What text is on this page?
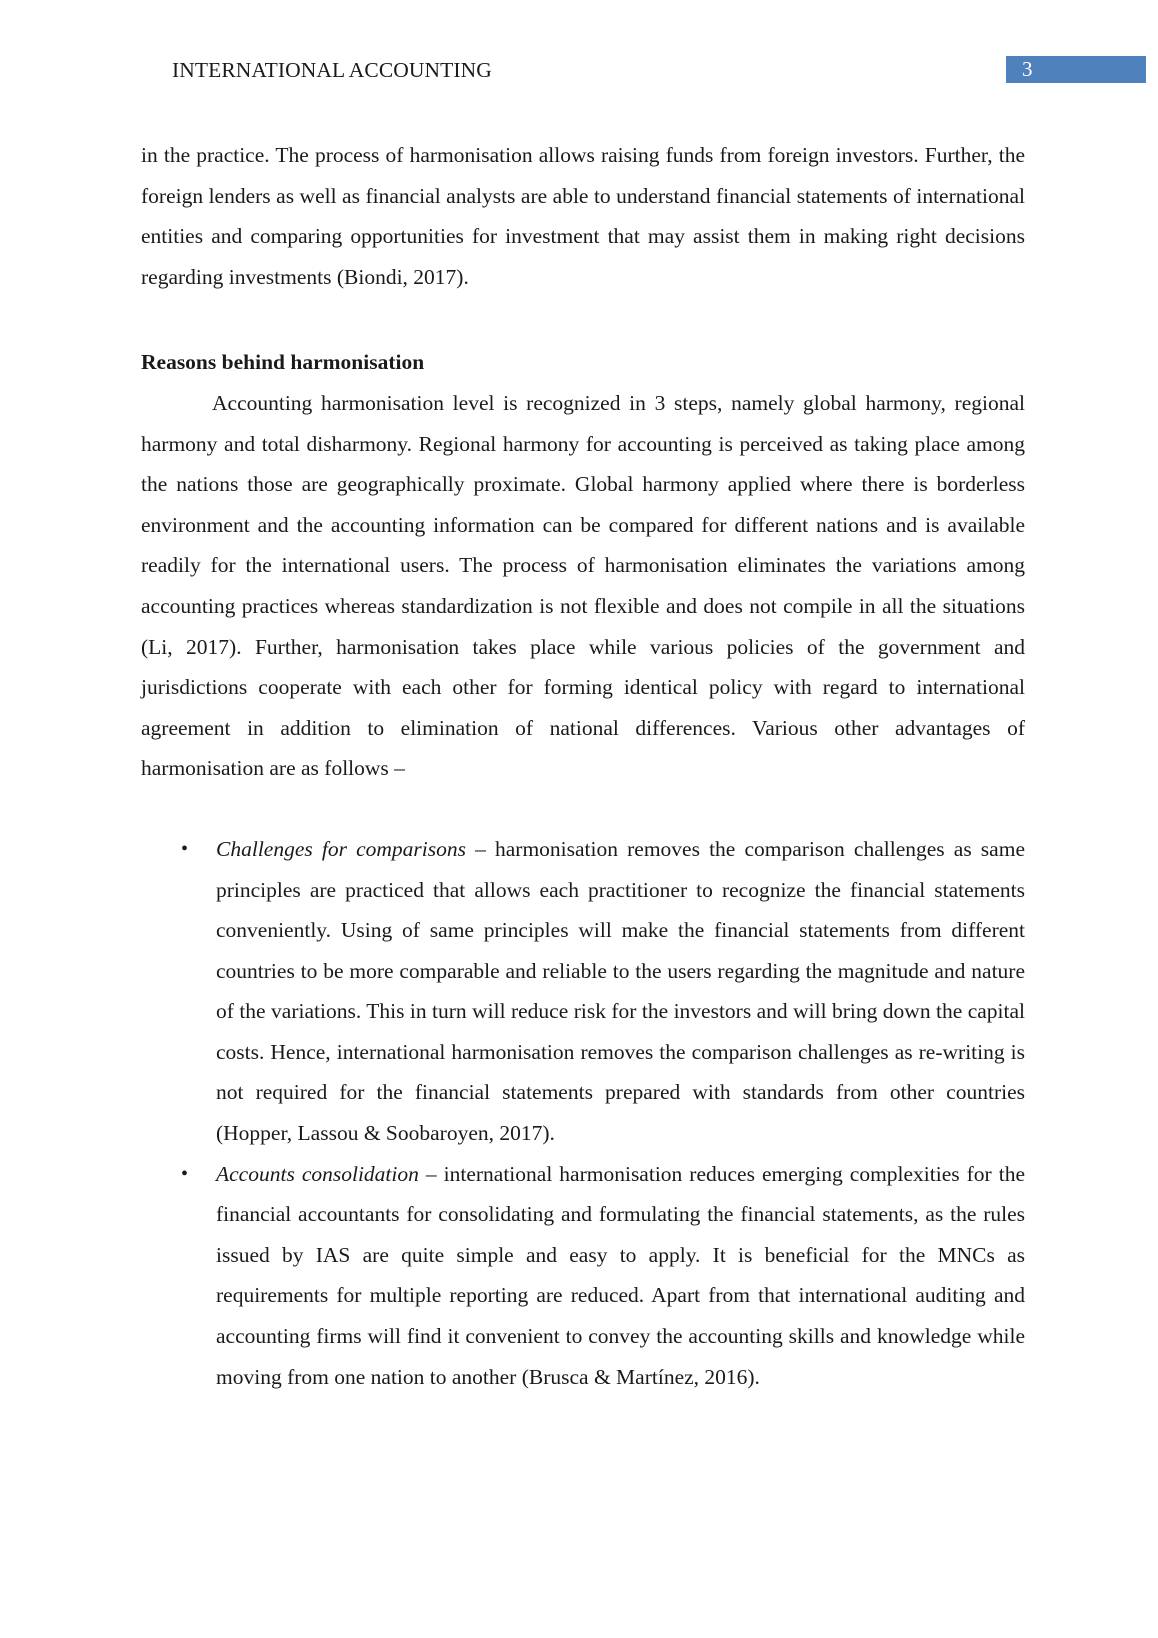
INTERNATIONAL ACCOUNTING	3

in the practice. The process of harmonisation allows raising funds from foreign investors. Further, the foreign lenders as well as financial analysts are able to understand financial statements of international entities and comparing opportunities for investment that may assist them in making right decisions regarding investments (Biondi, 2017).

Reasons behind harmonisation

Accounting harmonisation level is recognized in 3 steps, namely global harmony, regional harmony and total disharmony. Regional harmony for accounting is perceived as taking place among the nations those are geographically proximate. Global harmony applied where there is borderless environment and the accounting information can be compared for different nations and is available readily for the international users. The process of harmonisation eliminates the variations among accounting practices whereas standardization is not flexible and does not compile in all the situations (Li, 2017). Further, harmonisation takes place while various policies of the government and jurisdictions cooperate with each other for forming identical policy with regard to international agreement in addition to elimination of national differences. Various other advantages of harmonisation are as follows –

• Challenges for comparisons – harmonisation removes the comparison challenges as same principles are practiced that allows each practitioner to recognize the financial statements conveniently. Using of same principles will make the financial statements from different countries to be more comparable and reliable to the users regarding the magnitude and nature of the variations. This in turn will reduce risk for the investors and will bring down the capital costs. Hence, international harmonisation removes the comparison challenges as re-writing is not required for the financial statements prepared with standards from other countries (Hopper, Lassou & Soobaroyen, 2017).
• Accounts consolidation – international harmonisation reduces emerging complexities for the financial accountants for consolidating and formulating the financial statements, as the rules issued by IAS are quite simple and easy to apply. It is beneficial for the MNCs as requirements for multiple reporting are reduced. Apart from that international auditing and accounting firms will find it convenient to convey the accounting skills and knowledge while moving from one nation to another (Brusca & Martínez, 2016).
